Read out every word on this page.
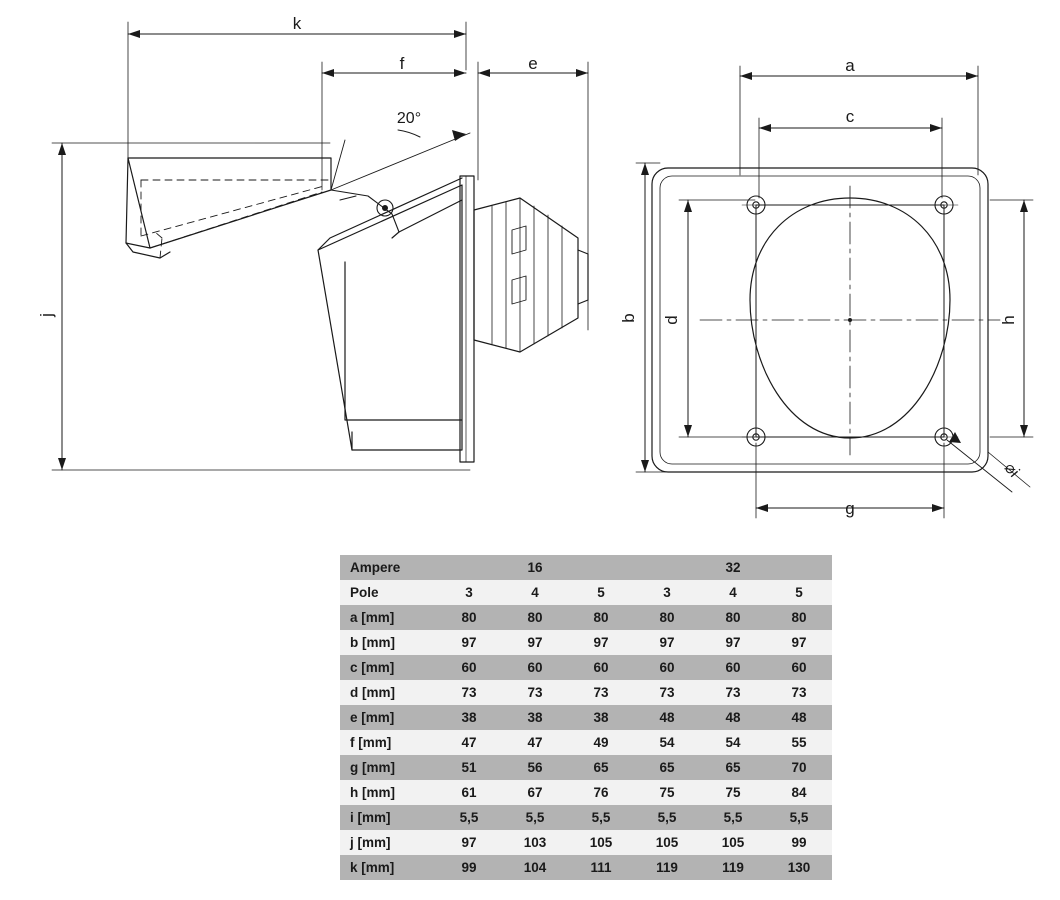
k
f	e
j
20°
a
c
b d	h
g
⌀i
Ampere	16			32		
Pole	3	4	5	3	4	5
a [mm]	80	80	80	80	80	80
b [mm]	97	97	97	97	97	97
c [mm]	60	60	60	60	60	60
d [mm]	73	73	73	73	73	73
e [mm]	38	38	38	48	48	48
f [mm]	47	47	49	54	54	55
g [mm]	51	56	65	65	65	70
h [mm]	61	67	76	75	75	84
i [mm]	5,5	5,5	5,5	5,5	5,5	5,5
j [mm]	97	103	105	105	105	99
k [mm]	99	104	111	119	119	130
